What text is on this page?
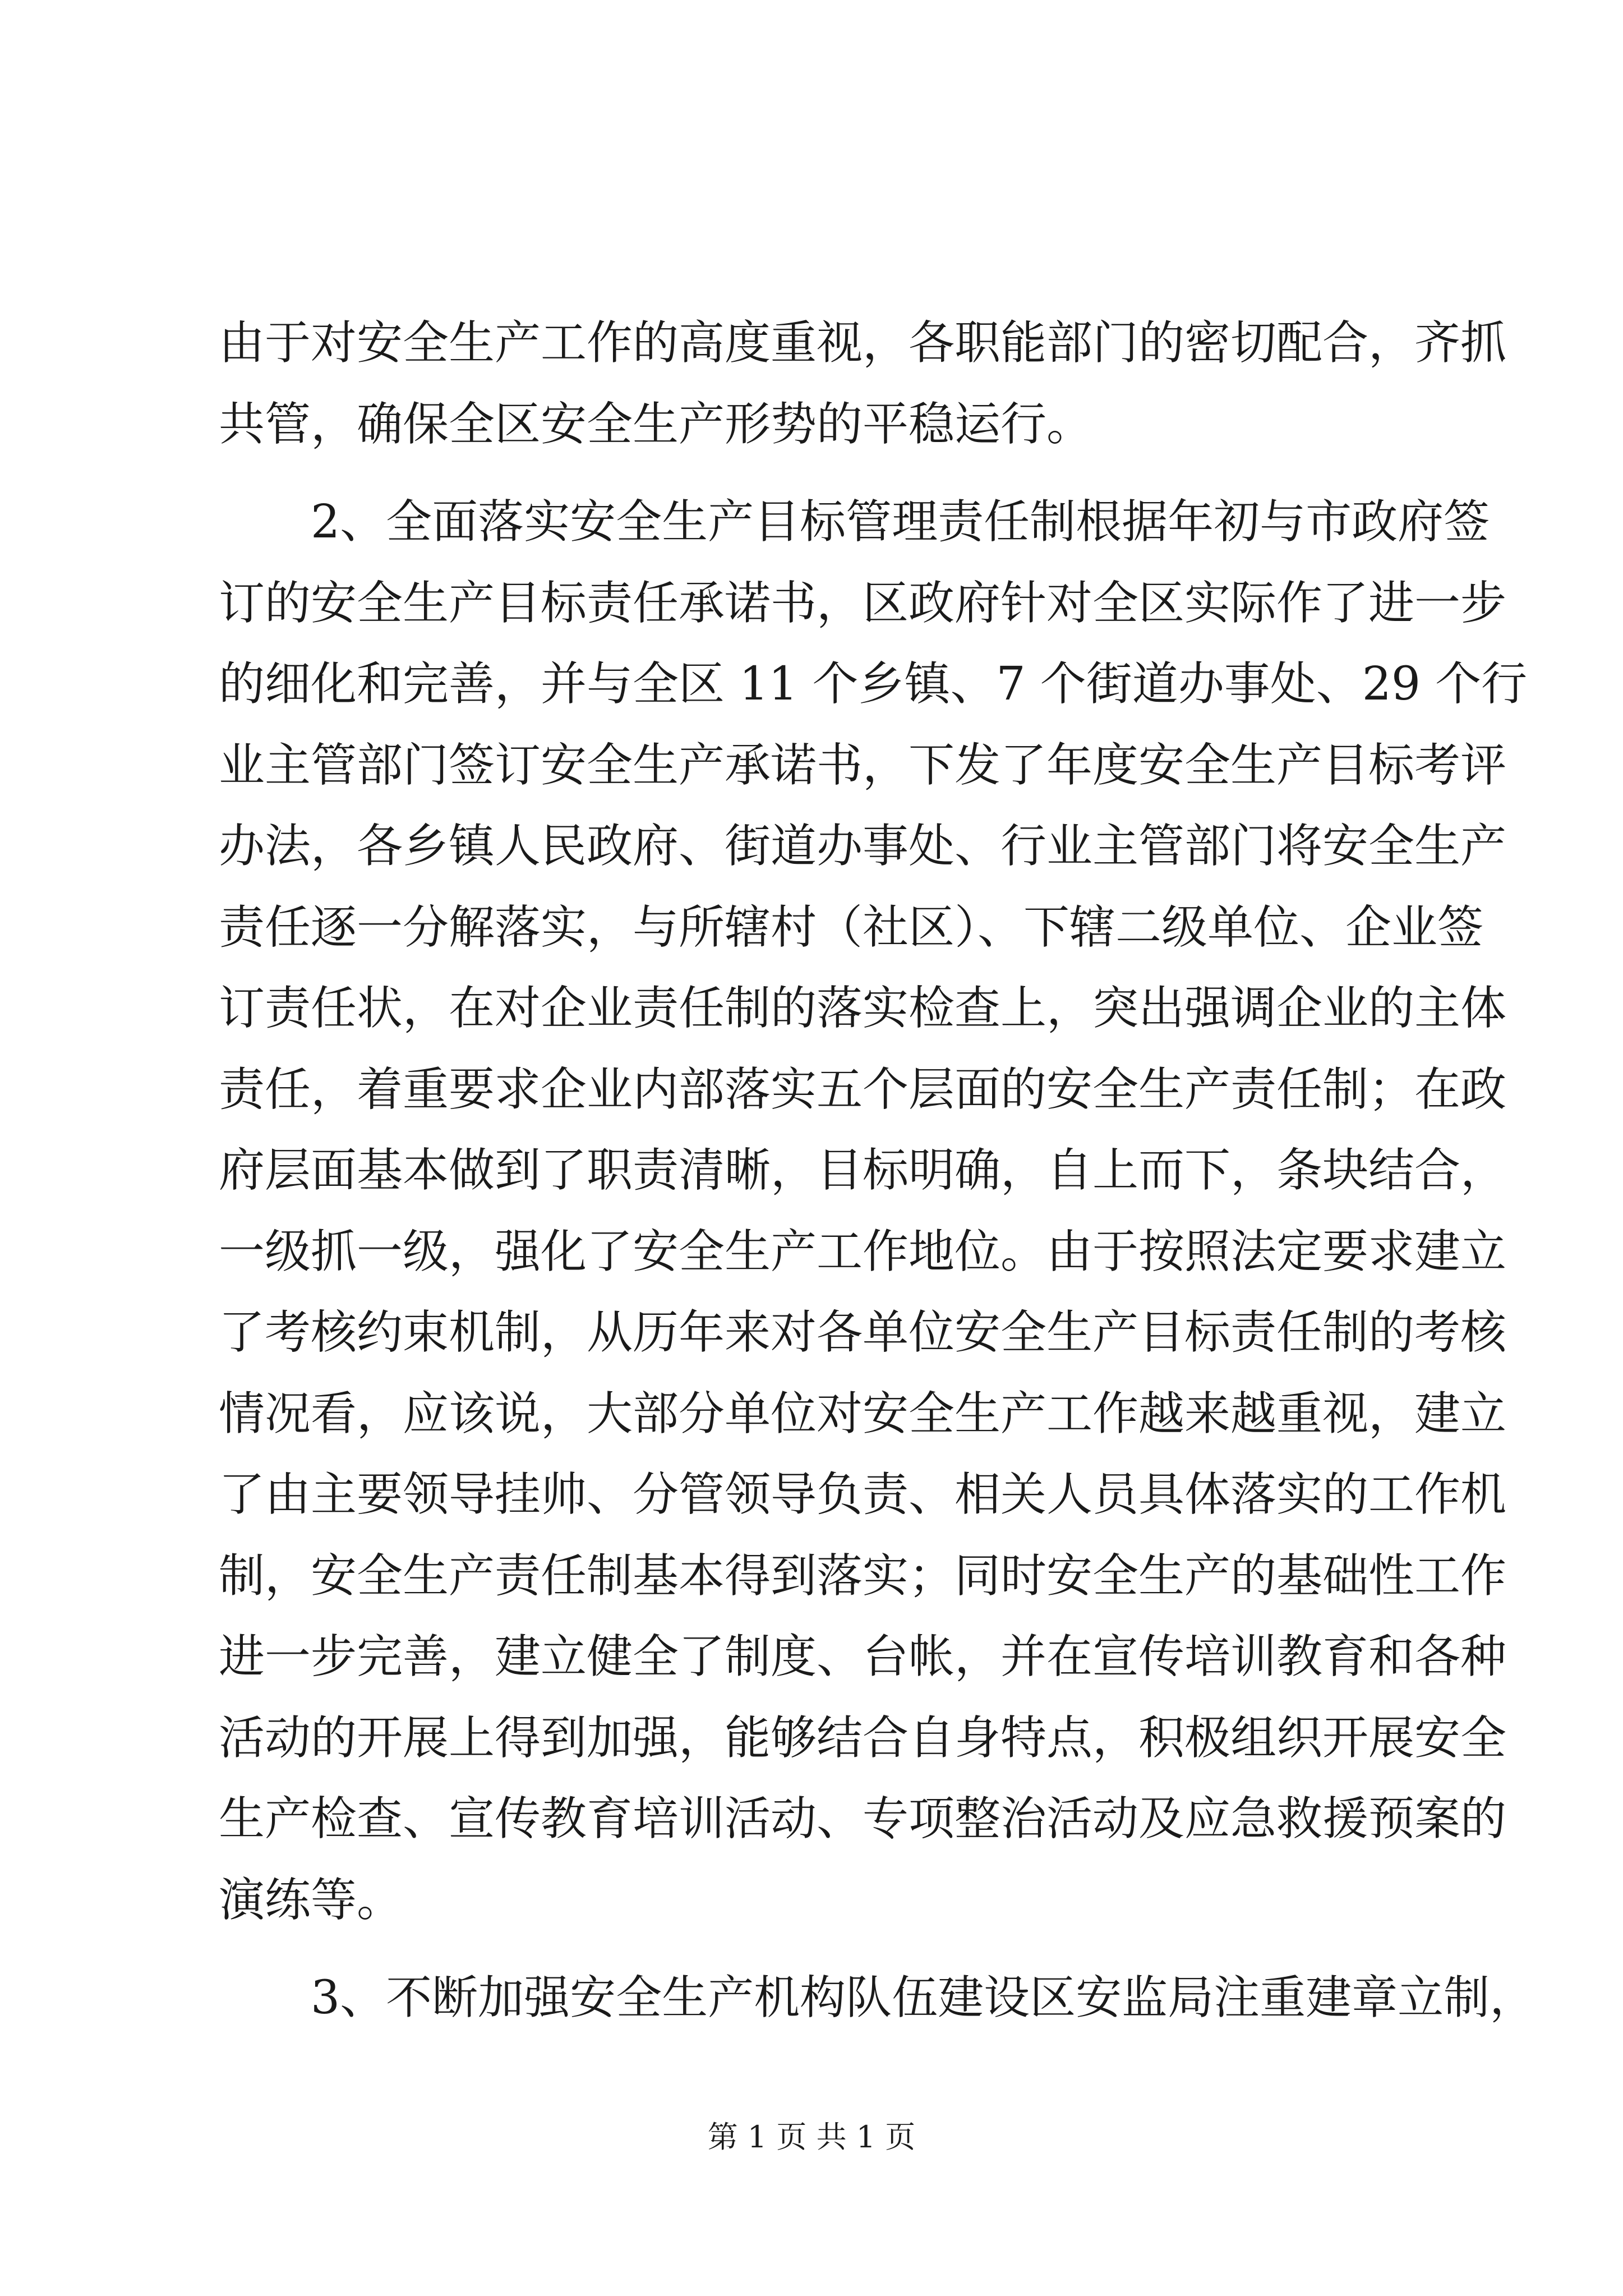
由于对安全生产工作的高度重视，各职能部门的密切配合，齐抓
共管，确保全区安全生产形势的平稳运行。
2、全面落实安全生产目标管理责任制根据年初与市政府签
订的安全生产目标责任承诺书，区政府针对全区实际作了进一步
的细化和完善，并与全区 11 个乡镇、7 个街道办事处、29 个行
业主管部门签订安全生产承诺书，下发了年度安全生产目标考评
办法，各乡镇人民政府、街道办事处、行业主管部门将安全生产
责任逐一分解落实，与所辖村（社区）、下辖二级单位、企业签
订责任状，在对企业责任制的落实检查上，突出强调企业的主体
责任，着重要求企业内部落实五个层面的安全生产责任制；在政
府层面基本做到了职责清晰，目标明确，自上而下，条块结合，
一级抓一级，强化了安全生产工作地位。由于按照法定要求建立
了考核约束机制，从历年来对各单位安全生产目标责任制的考核
情况看，应该说，大部分单位对安全生产工作越来越重视，建立
了由主要领导挂帅、分管领导负责、相关人员具体落实的工作机
制，安全生产责任制基本得到落实；同时安全生产的基础性工作
进一步完善，建立健全了制度、台帐，并在宣传培训教育和各种
活动的开展上得到加强，能够结合自身特点，积极组织开展安全
生产检查、宣传教育培训活动、专项整治活动及应急救援预案的
演练等。
3、不断加强安全生产机构队伍建设区安监局注重建章立制，
第 1 页 共 1 页
